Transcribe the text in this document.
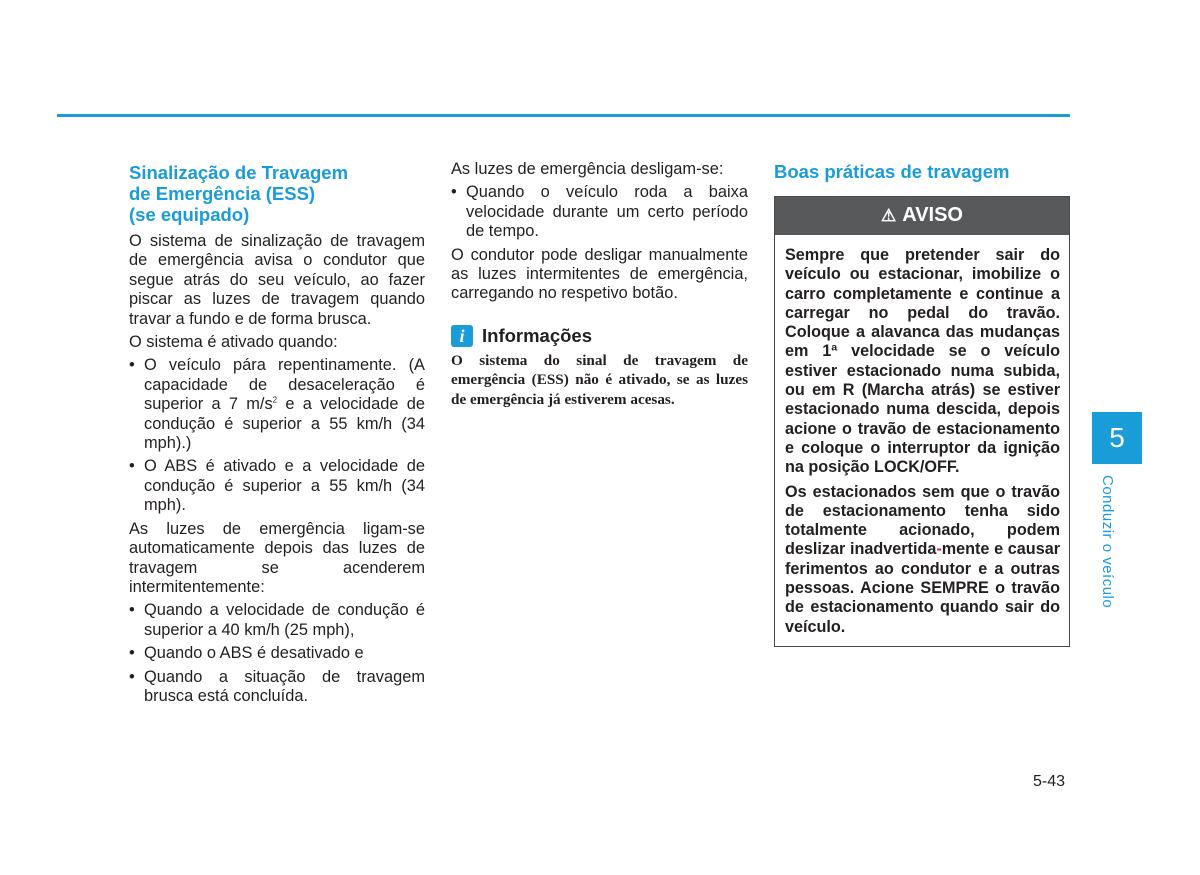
Sinalização de Travagem
de Emergência (ESS)
(se equipado)

O sistema de sinalização de travagem de emergência avisa o condutor que segue atrás do seu veículo, ao fazer piscar as luzes de travagem quando travar a fundo e de forma brusca.

O sistema é ativado quando:

• O veículo pára repentinamente. (A capacidade de desaceleração é superior a 7 $m/s^2$ e a velocidade de condução é superior a 55 km/h (34 mph).)
• O ABS é ativado e a velocidade de condução é superior a 55 km/h (34 mph).

As luzes de emergência ligam-se automaticamente depois das luzes de travagem se acenderem intermitentemente:

• Quando a velocidade de condução é superior a 40 km/h (25 mph),
• Quando o ABS é desativado e
• Quando a situação de travagem brusca está concluída.

As luzes de emergência desligam-se:

• Quando o veículo roda a baixa velocidade durante um certo período de tempo.

O condutor pode desligar manualmente as luzes intermitentes de emergência, carregando no respetivo botão.

i Informações

O sistema do sinal de travagem de emergência (ESS) não é ativado, se as luzes de emergência já estiverem acesas.

Boas práticas de travagem
⚠ AVISO

Sempre que pretender sair do veículo ou estacionar, imobilize o carro completamente e continue a carregar no pedal do travão. Coloque a alavanca das mudanças em 1ª velocidade se o veículo estiver estacionado numa subida, ou em R (Marcha atrás) se estiver estacionado numa descida, depois acione o travão de estacionamento e coloque o interruptor da ignição na posição LOCK/OFF.

Os estacionados sem que o travão de estacionamento tenha sido totalmente acionado, podem deslizar inadvertida-mente e causar ferimentos ao condutor e a outras pessoas. Acione SEMPRE o travão de estacionamento quando sair do veículo.

5
Conduzir o veículo
5-43
